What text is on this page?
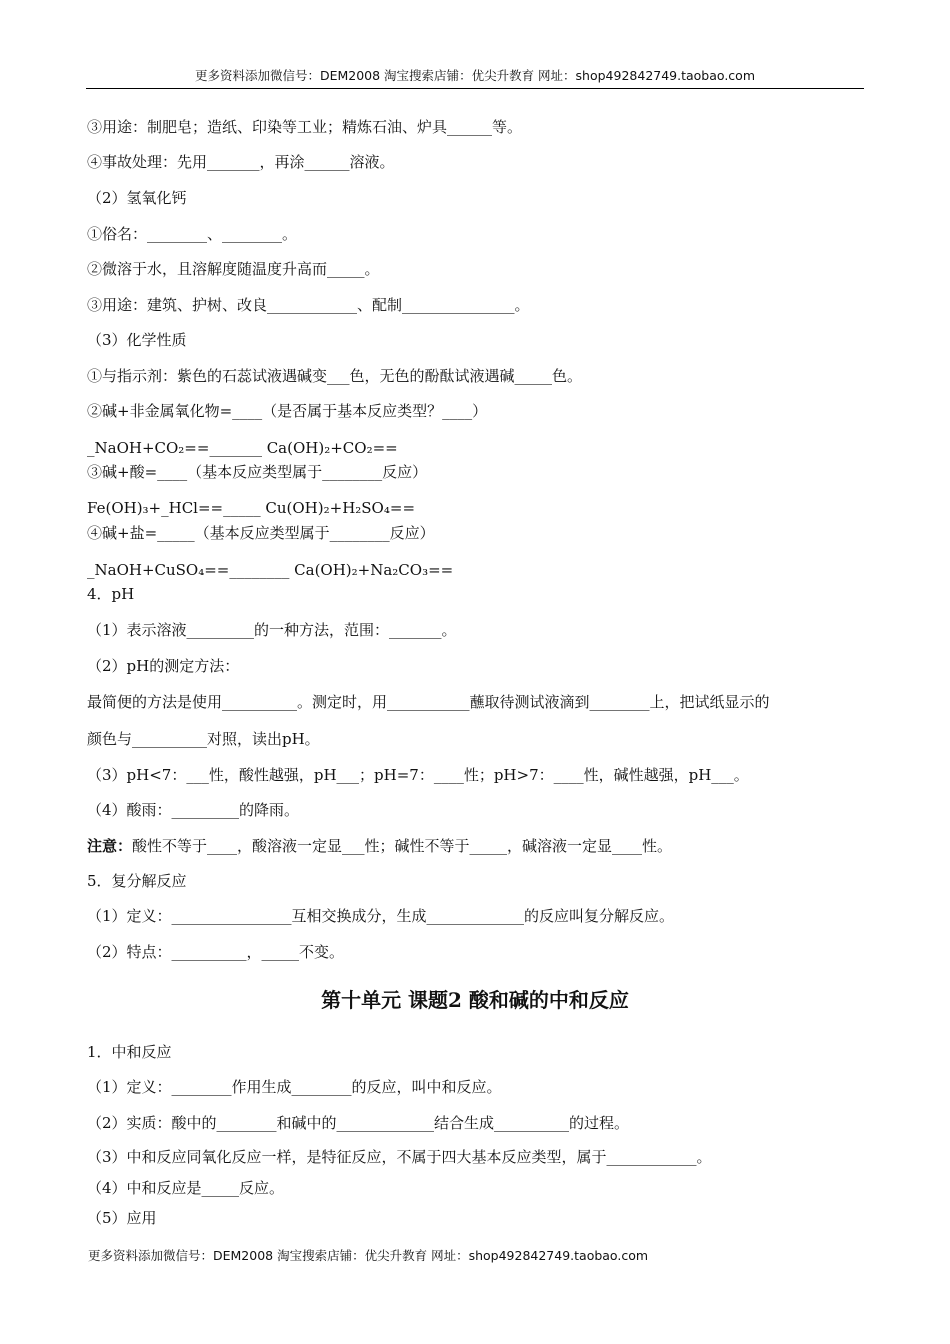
更多资料添加微信号：DEM2008 淘宝搜索店铺：优尖升教育 网址：shop492842749.taobao.com
③用途：制肥皂；造纸、印染等工业；精炼石油、炉具______等。
④事故处理：先用_______，再涂______溶液。
（2）氢氧化钙
①俗名：________、________。
②微溶于水，且溶解度随温度升高而_____。
③用途：建筑、护树、改良____________、配制_______________。
（3）化学性质
①与指示剂：紫色的石蕊试液遇碱变___色，无色的酚酞试液遇碱_____色。
②碱+非金属氧化物=____（是否属于基本反应类型？____）
_NaOH+CO₂==_______ Ca(OH)₂+CO₂==
③碱+酸=____（基本反应类型属于________反应）
Fe(OH)₃+_HCl==_____ Cu(OH)₂+H₂SO₄==
④碱+盐=_____（基本反应类型属于________反应）
_NaOH+CuSO₄==________ Ca(OH)₂+Na₂CO₃==
4．pH
（1）表示溶液_________的一种方法，范围：_______。
（2）pH的测定方法：
最简便的方法是使用__________。测定时，用___________蘸取待测试液滴到________上，把试纸显示的
颜色与__________对照，读出pH。
（3）pH<7：___性，酸性越强，pH___；pH=7：____性；pH>7：____性，碱性越强，pH___。
（4）酸雨：_________的降雨。
注意：酸性不等于____，酸溶液一定显___性；碱性不等于_____，碱溶液一定显____性。
5．复分解反应
（1）定义：________________互相交换成分，生成_____________的反应叫复分解反应。
（2）特点：__________，_____不变。
第十单元 课题2 酸和碱的中和反应
1．中和反应
（1）定义：________作用生成________的反应，叫中和反应。
（2）实质：酸中的________和碱中的_____________结合生成__________的过程。
（3）中和反应同氧化反应一样，是特征反应，不属于四大基本反应类型，属于____________。
（4）中和反应是_____反应。
（5）应用
更多资料添加微信号：DEM2008 淘宝搜索店铺：优尖升教育 网址：shop492842749.taobao.com
